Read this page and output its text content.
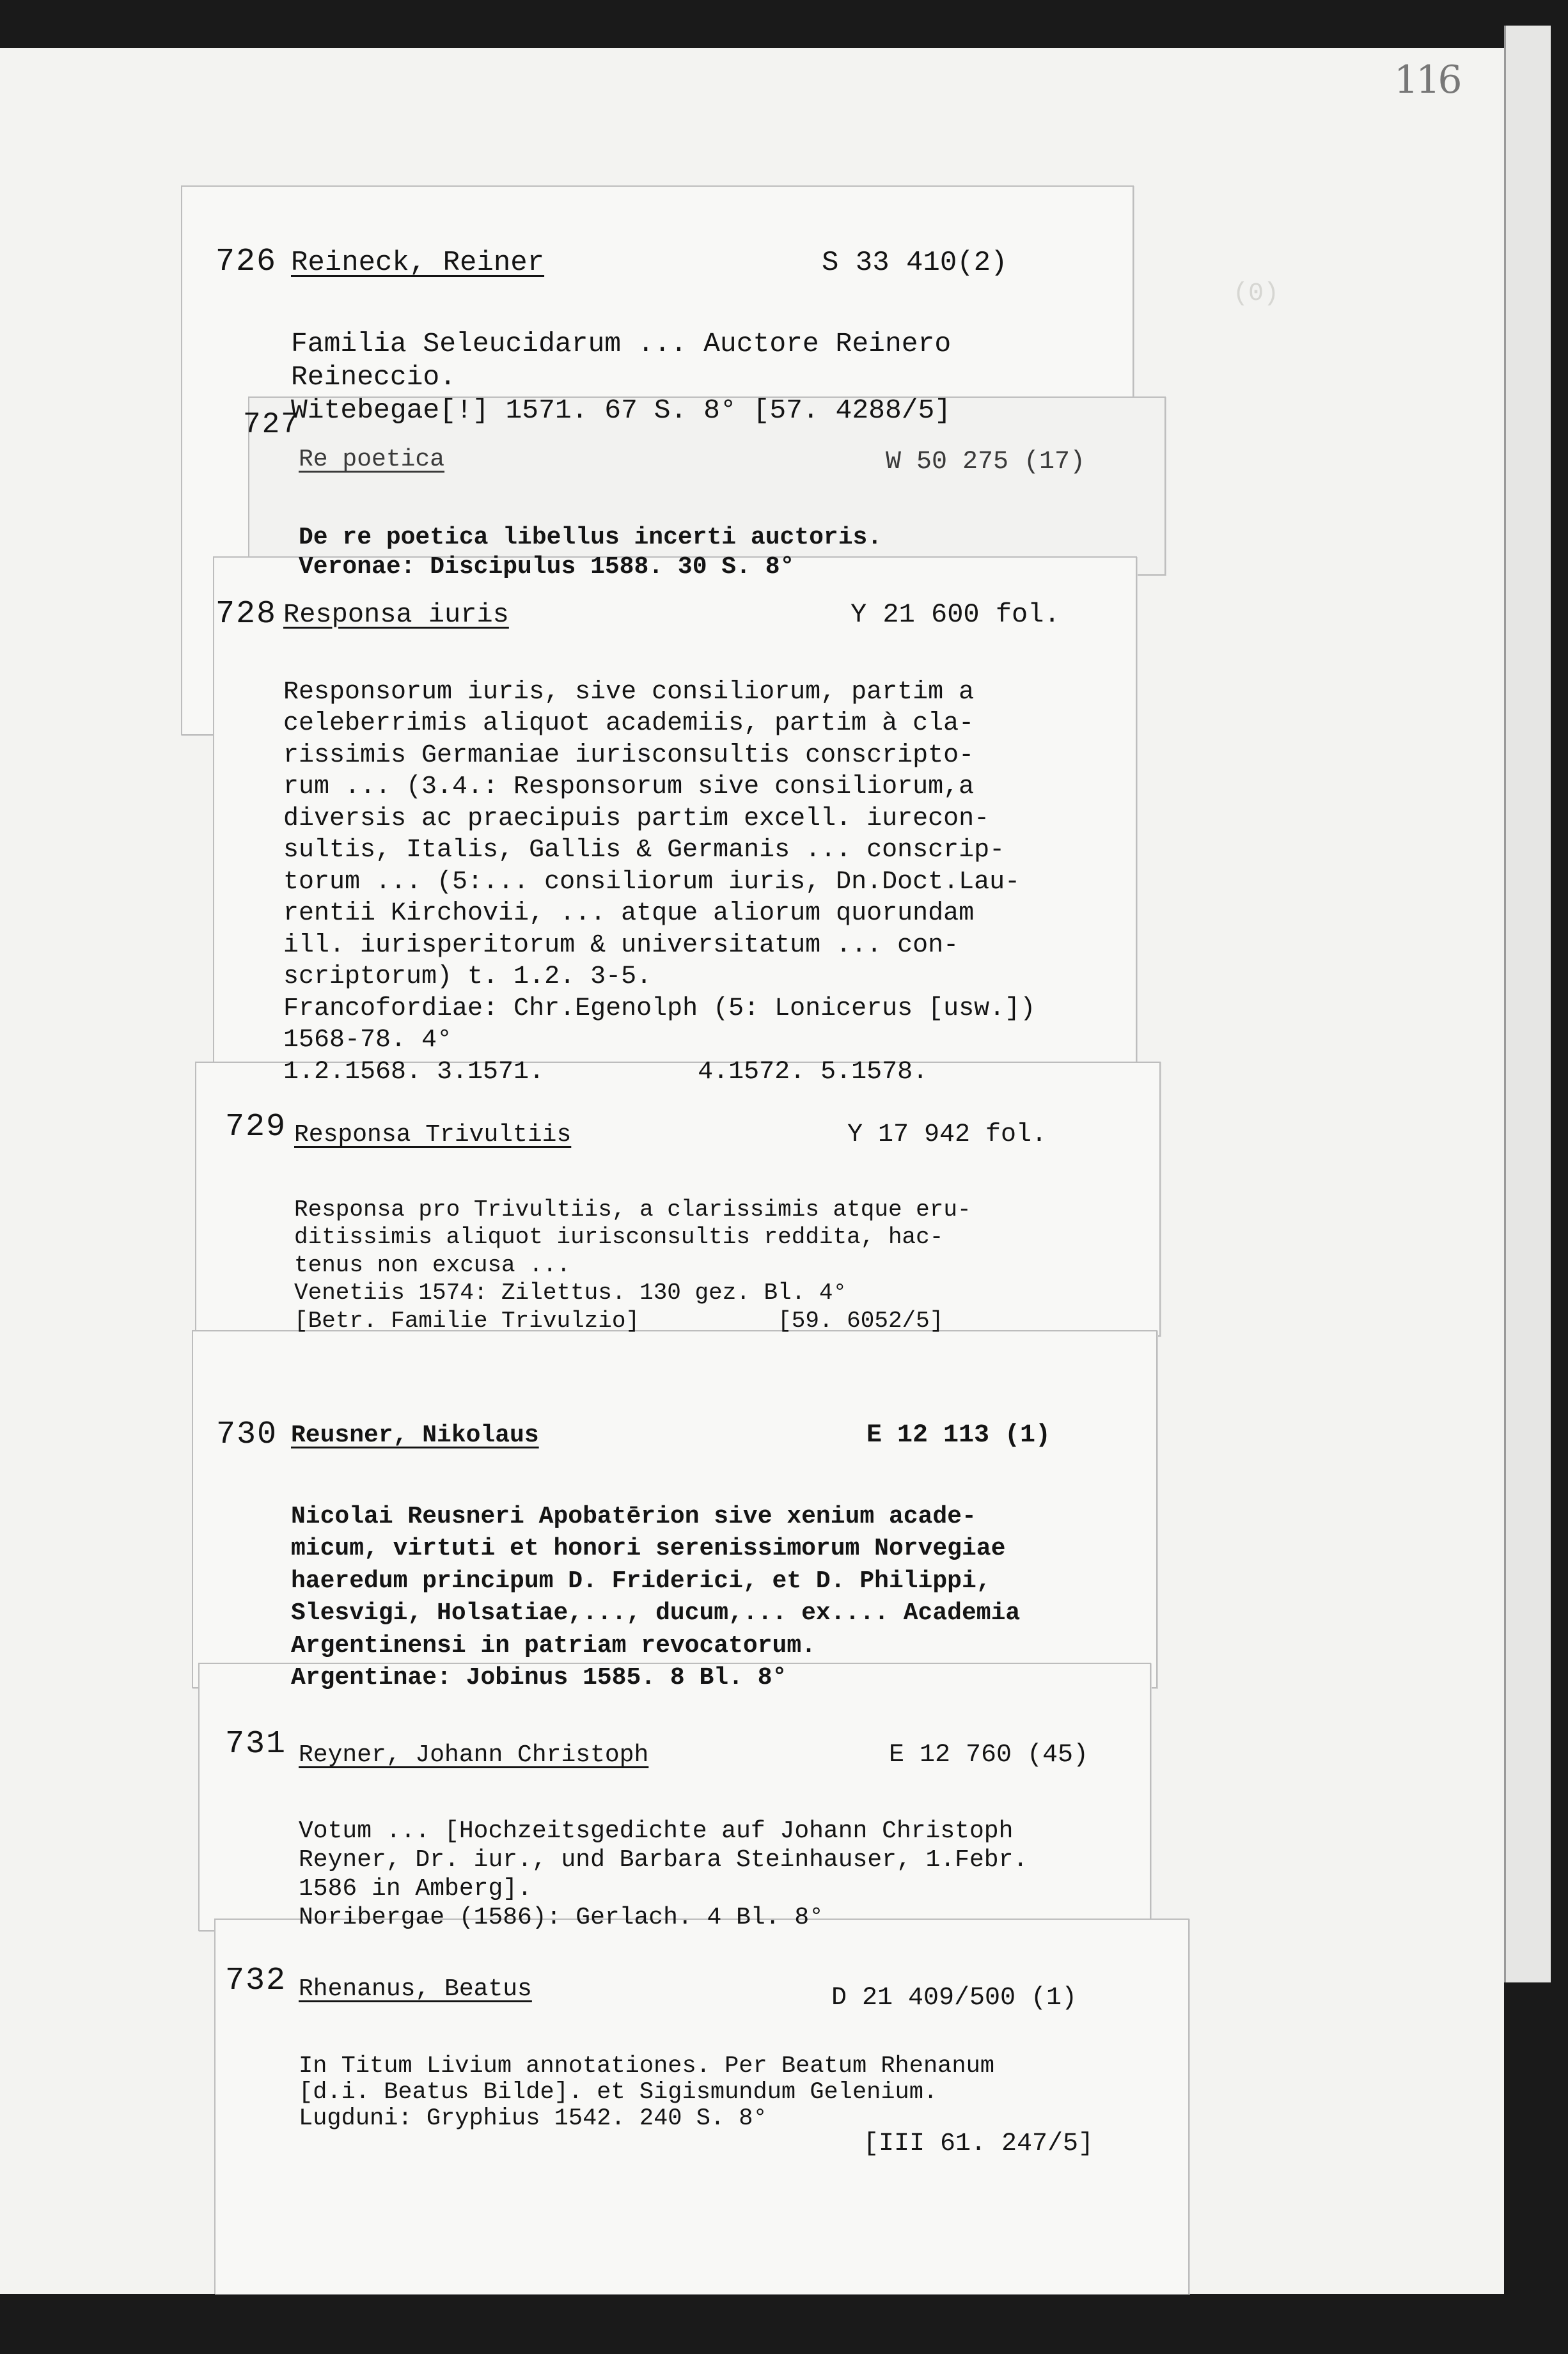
116

(0)

726 Reineck, Reiner	S 33 410(2)

Familia Seleucidarum ... Auctore Reinero
Reineccio.
Witebegae[!] 1571. 67 S. 8° [57. 4288/5]
727
Re poetica	W 50 275 (17)

De re poetica libellus incerti auctoris.
Veronae: Discipulus 1588. 30 S. 8°
728 Responsa iuris	Y 21 600 fol.

Responsorum iuris, sive consiliorum, partim a
celeberrimis aliquot academiis, partim à cla-
rissimis Germaniae iurisconsultis conscripto-
rum ... (3.4.: Responsorum sive consiliorum,a
diversis ac praecipuis partim excell. iurecon-
sultis, Italis, Gallis & Germanis ... conscrip-
torum ... (5:... consiliorum iuris, Dn.Doct.Lau-
rentii Kirchovii, ... atque aliorum quorundam
ill. iurisperitorum & universitatum ... con-
scriptorum) t. 1.2. 3-5.
Francofordiae: Chr.Egenolph (5: Lonicerus [usw.])
1568-78. 4°
1.2.1568. 3.1571.          4.1572. 5.1578.
729 Responsa Trivultiis	Y 17 942 fol.

Responsa pro Trivultiis, a clarissimis atque eru-
ditissimis aliquot iurisconsultis reddita, hac-
tenus non excusa ...
Venetiis 1574: Zilettus. 130 gez. Bl. 4°
[Betr. Familie Trivulzio]          [59. 6052/5]
730 Reusner, Nikolaus	E 12 113 (1)

Nicolai Reusneri Apobatērion sive xenium acade-
micum, virtuti et honori serenissimorum Norvegiae
haeredum principum D. Friderici, et D. Philippi,
Slesvigi, Holsatiae,..., ducum,... ex.... Academia
Argentinensi in patriam revocatorum.
Argentinae: Jobinus 1585. 8 Bl. 8°
731 Reyner, Johann Christoph	E 12 760 (45)

Votum ... [Hochzeitsgedichte auf Johann Christoph
Reyner, Dr. iur., und Barbara Steinhauser, 1.Febr.
1586 in Amberg].
Noribergae (1586): Gerlach. 4 Bl. 8°
732 Rhenanus, Beatus	D 21 409/500 (1)

In Titum Livium annotationes. Per Beatum Rhenanum
[d.i. Beatus Bilde]. et Sigismundum Gelenium.
Lugduni: Gryphius 1542. 240 S. 8°
[III 61. 247/5]
